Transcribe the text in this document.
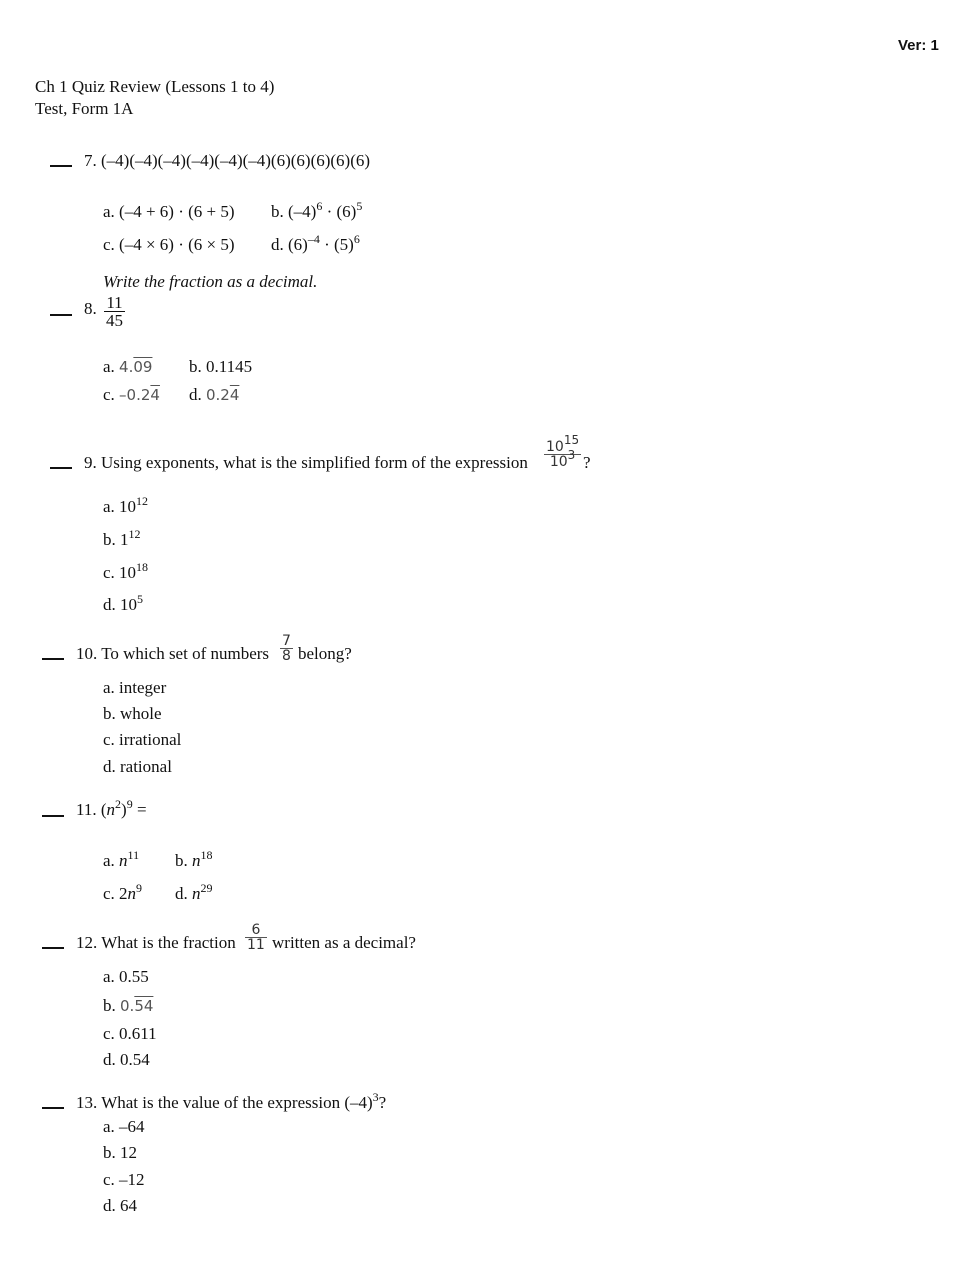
Ver: 1
Ch 1 Quiz Review (Lessons 1 to 4)
Test, Form 1A
7. (–4)(–4)(–4)(–4)(–4)(–4)(6)(6)(6)(6)(6)
a. (–4 + 6) · (6 + 5) b. $(-4)^6 \cdot (6)^5$
c. (–4 × 6) · (6 × 5) d. $(6)^{-4} \cdot (5)^6$
Write the fraction as a decimal.
8. $\frac{11}{45}$
a. 4.09 b. 0.1145
c. –0.24 d. 0.24
9. Using exponents, what is the simplified form of the expression $\frac{10^{15}}{10^3}$ ?
a. $10^{12}$
b. $1^{12}$
c. $10^{18}$
d. $10^5$
10. To which set of numbers $\frac{7}{8}$ belong?
a. integer
b. whole
c. irrational
d. rational
11. $(n^2)^9$ =
a. $n^{11}$ b. $n^{18}$
c. $2n^9$ d. $n^{29}$
12. What is the fraction $\frac{6}{11}$ written as a decimal?
a. 0.55
b. 0.54
c. 0.611
d. 0.54
13. What is the value of the expression $(-4)^3$?
a. –64
b. 12
c. –12
d. 64
